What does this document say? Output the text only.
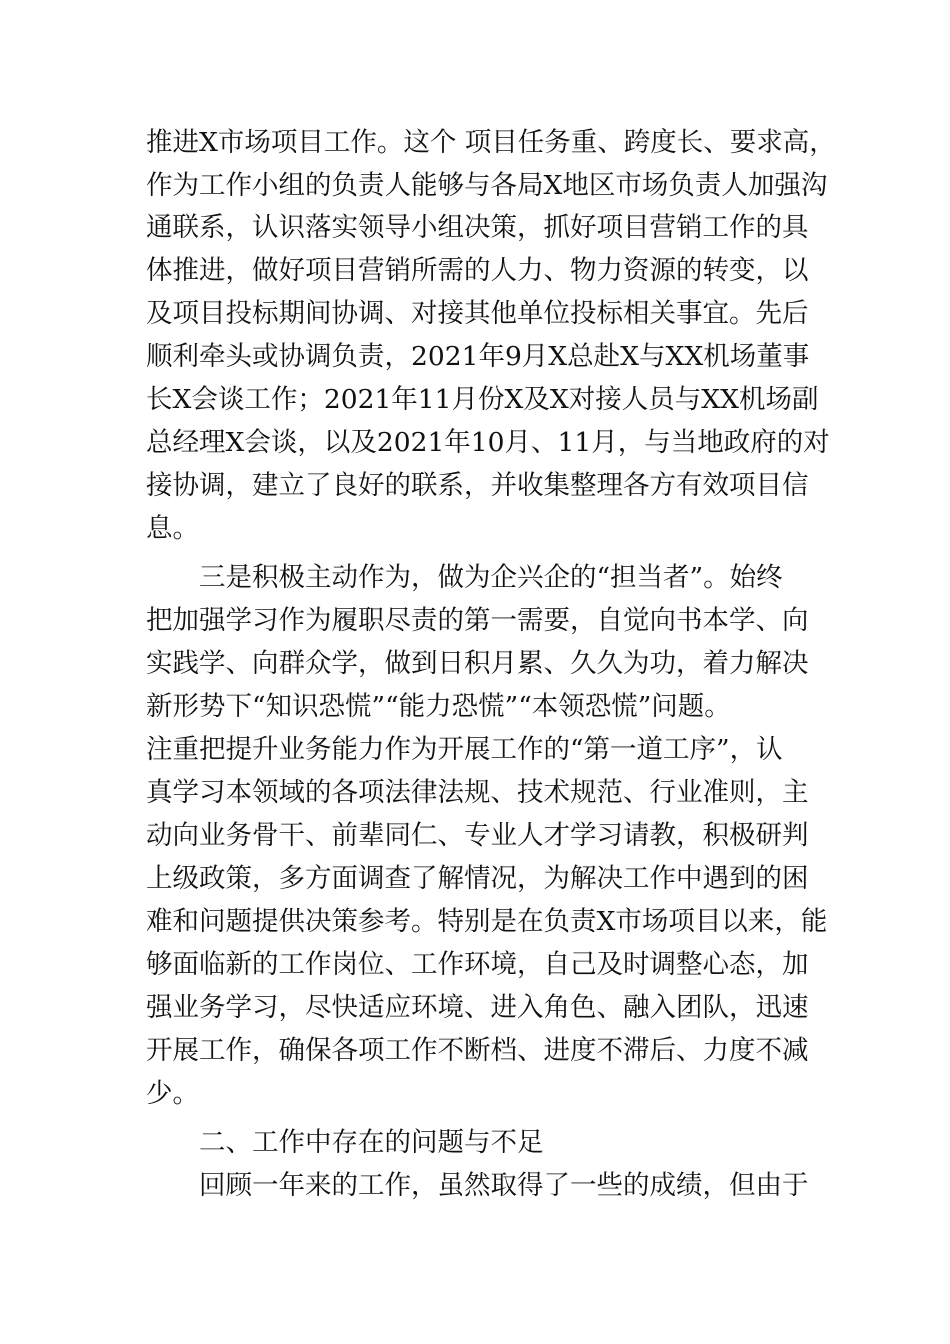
推进X市场项目工作。这个 项目任务重、跨度长、要求高，

作为工作小组的负责人能够与各局X地区市场负责人加强沟

通联系，认识落实领导小组决策，抓好项目营销工作的具

体推进，做好项目营销所需的人力、物力资源的转变，以

及项目投标期间协调、对接其他单位投标相关事宜。先后

顺利牵头或协调负责，2021年9月X总赴X与XX机场董事

长X会谈工作；2021年11月份X及X对接人员与XX机场副

总经理X会谈，以及2021年10月、11月，与当地政府的对

接协调，建立了良好的联系，并收集整理各方有效项目信

息。

三是积极主动作为，做为企兴企的“担当者”。始终

把加强学习作为履职尽责的第一需要，自觉向书本学、向

实践学、向群众学，做到日积月累、久久为功，着力解决

新形势下“知识恐慌”“能力恐慌”“本领恐慌”问题。

注重把提升业务能力作为开展工作的“第一道工序”，认

真学习本领域的各项法律法规、技术规范、行业准则，主

动向业务骨干、前辈同仁、专业人才学习请教，积极研判

上级政策，多方面调查了解情况，为解决工作中遇到的困

难和问题提供决策参考。特别是在负责X市场项目以来，能

够面临新的工作岗位、工作环境，自己及时调整心态，加

强业务学习，尽快适应环境、进入角色、融入团队，迅速

开展工作，确保各项工作不断档、进度不滞后、力度不减

少。

二、工作中存在的问题与不足

回顾一年来的工作，虽然取得了一些的成绩，但由于
